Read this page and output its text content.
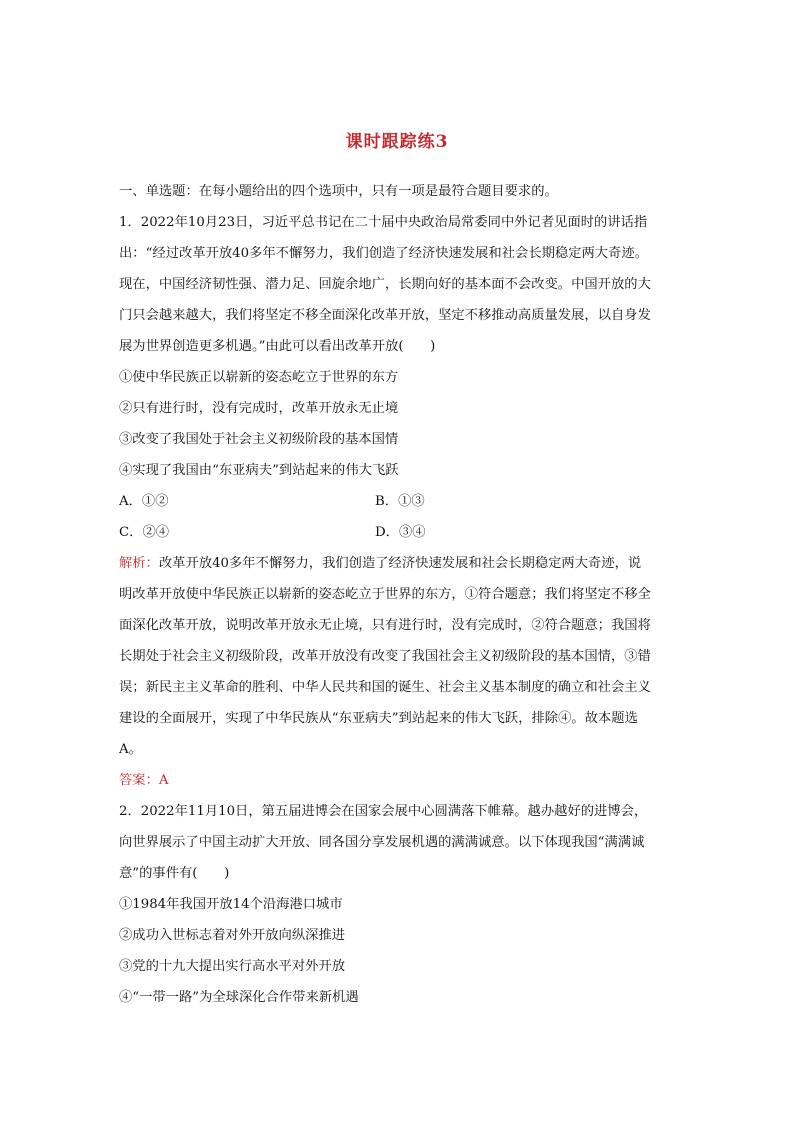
课时跟踪练3
一、单选题：在每小题给出的四个选项中，只有一项是最符合题目要求的。
1．2022年10月23日，习近平总书记在二十届中央政治局常委同中外记者见面时的讲话指
出：“经过改革开放40多年不懈努力，我们创造了经济快速发展和社会长期稳定两大奇迹。
现在，中国经济韧性强、潜力足、回旋余地广，长期向好的基本面不会改变。中国开放的大
门只会越来越大，我们将坚定不移全面深化改革开放，坚定不移推动高质量发展，以自身发
展为世界创造更多机遇。”由此可以看出改革开放(　　)
①使中华民族正以崭新的姿态屹立于世界的东方
②只有进行时，没有完成时，改革开放永无止境
③改变了我国处于社会主义初级阶段的基本国情
④实现了我国由“东亚病夫”到站起来的伟大飞跃
A．①②	B．①③
C．②④	D．③④
解析：改革开放40多年不懈努力，我们创造了经济快速发展和社会长期稳定两大奇迹，说
明改革开放使中华民族正以崭新的姿态屹立于世界的东方，①符合题意；我们将坚定不移全
面深化改革开放，说明改革开放永无止境，只有进行时，没有完成时，②符合题意；我国将
长期处于社会主义初级阶段，改革开放没有改变了我国社会主义初级阶段的基本国情，③错
误；新民主主义革命的胜利、中华人民共和国的诞生、社会主义基本制度的确立和社会主义
建设的全面展开，实现了中华民族从“东亚病夫”到站起来的伟大飞跃，排除④。故本题选
A。
答案：A
2．2022年11月10日，第五届进博会在国家会展中心圆满落下帷幕。越办越好的进博会，
向世界展示了中国主动扩大开放、同各国分享发展机遇的满满诚意。以下体现我国“满满诚
意”的事件有(　　)
①1984年我国开放14个沿海港口城市
②成功入世标志着对外开放向纵深推进
③党的十九大提出实行高水平对外开放
④“一带一路”为全球深化合作带来新机遇
